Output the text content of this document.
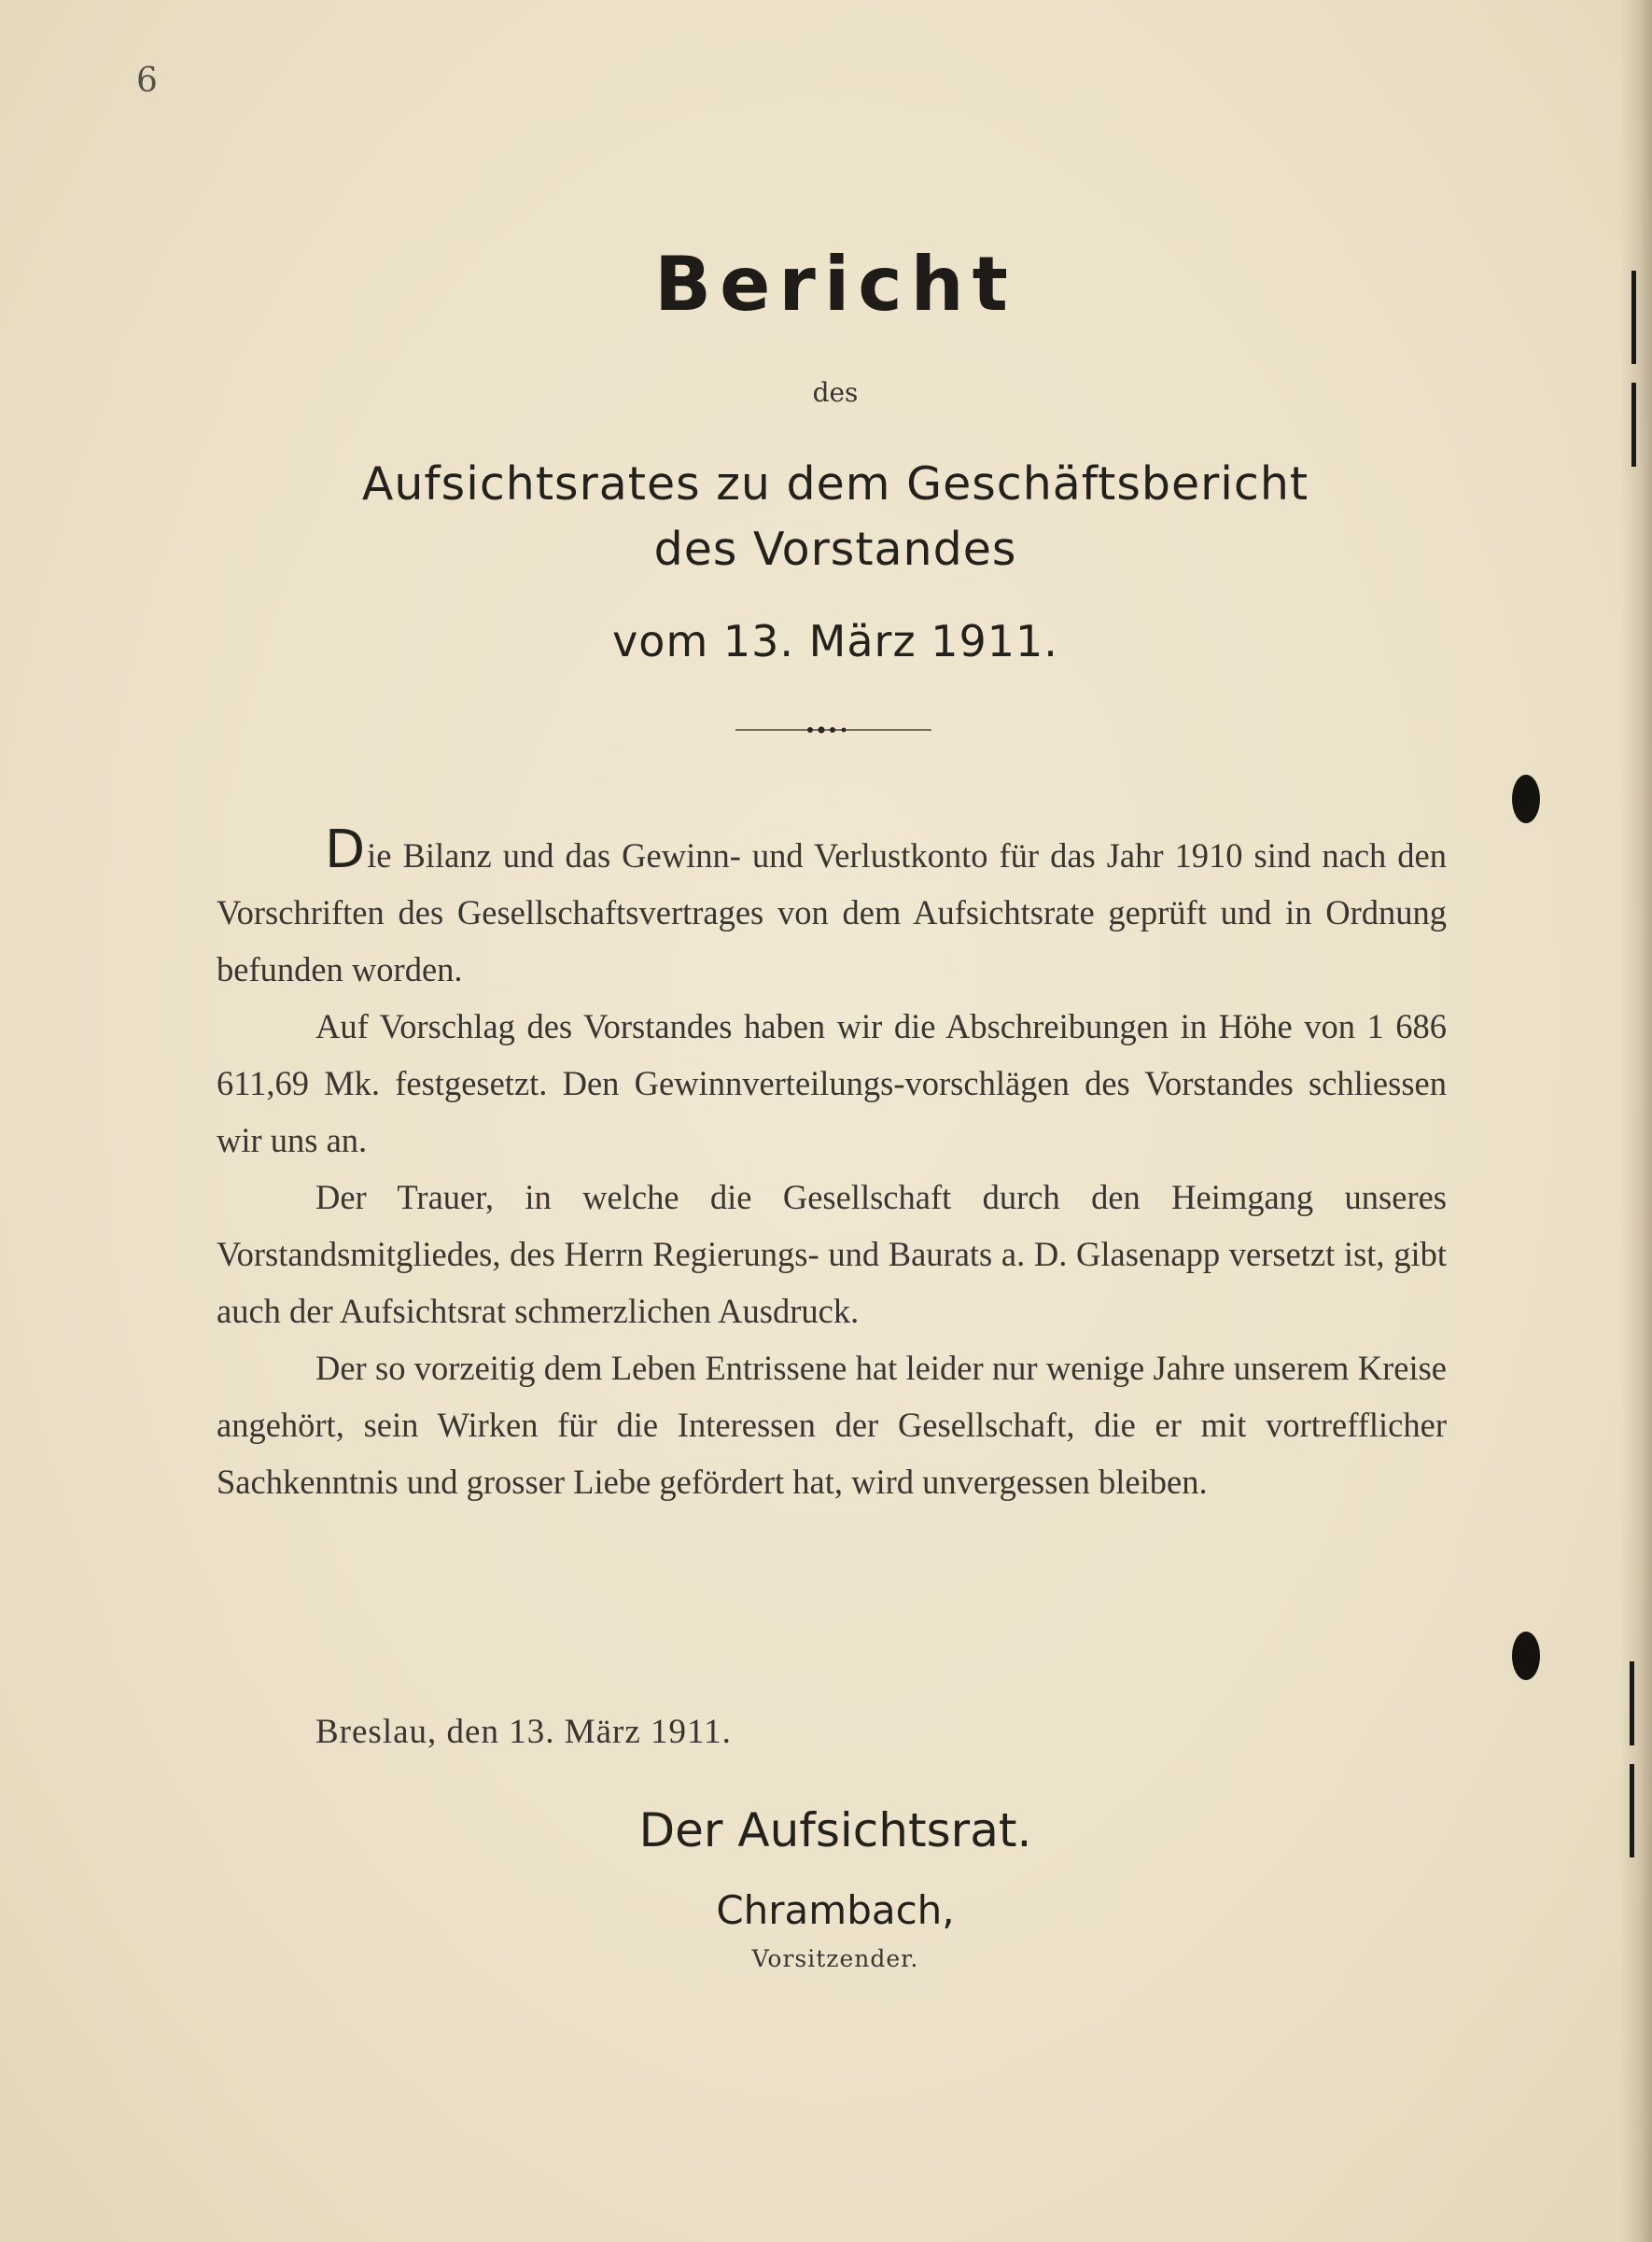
6
Bericht
des
Aufsichtsrates zu dem Geschäftsbericht
des Vorstandes
vom 13. März 1911.

Die Bilanz und das Gewinn- und Verlustkonto für das Jahr 1910 sind nach den Vorschriften des Gesellschaftsvertrages von dem Aufsichtsrate geprüft und in Ordnung befunden worden.

Auf Vorschlag des Vorstandes haben wir die Abschreibungen in Höhe von 1 686 611,69 Mk. festgesetzt. Den Gewinnverteilungs-vorschlägen des Vorstandes schliessen wir uns an.

Der Trauer, in welche die Gesellschaft durch den Heimgang unseres Vorstandsmitgliedes, des Herrn Regierungs- und Baurats a. D. Glasenapp versetzt ist, gibt auch der Aufsichtsrat schmerzlichen Ausdruck.

Der so vorzeitig dem Leben Entrissene hat leider nur wenige Jahre unserem Kreise angehört, sein Wirken für die Interessen der Gesellschaft, die er mit vortrefflicher Sachkenntnis und grosser Liebe gefördert hat, wird unvergessen bleiben.

Breslau, den 13. März 1911.
Der Aufsichtsrat.
Chrambach,
Vorsitzender.
